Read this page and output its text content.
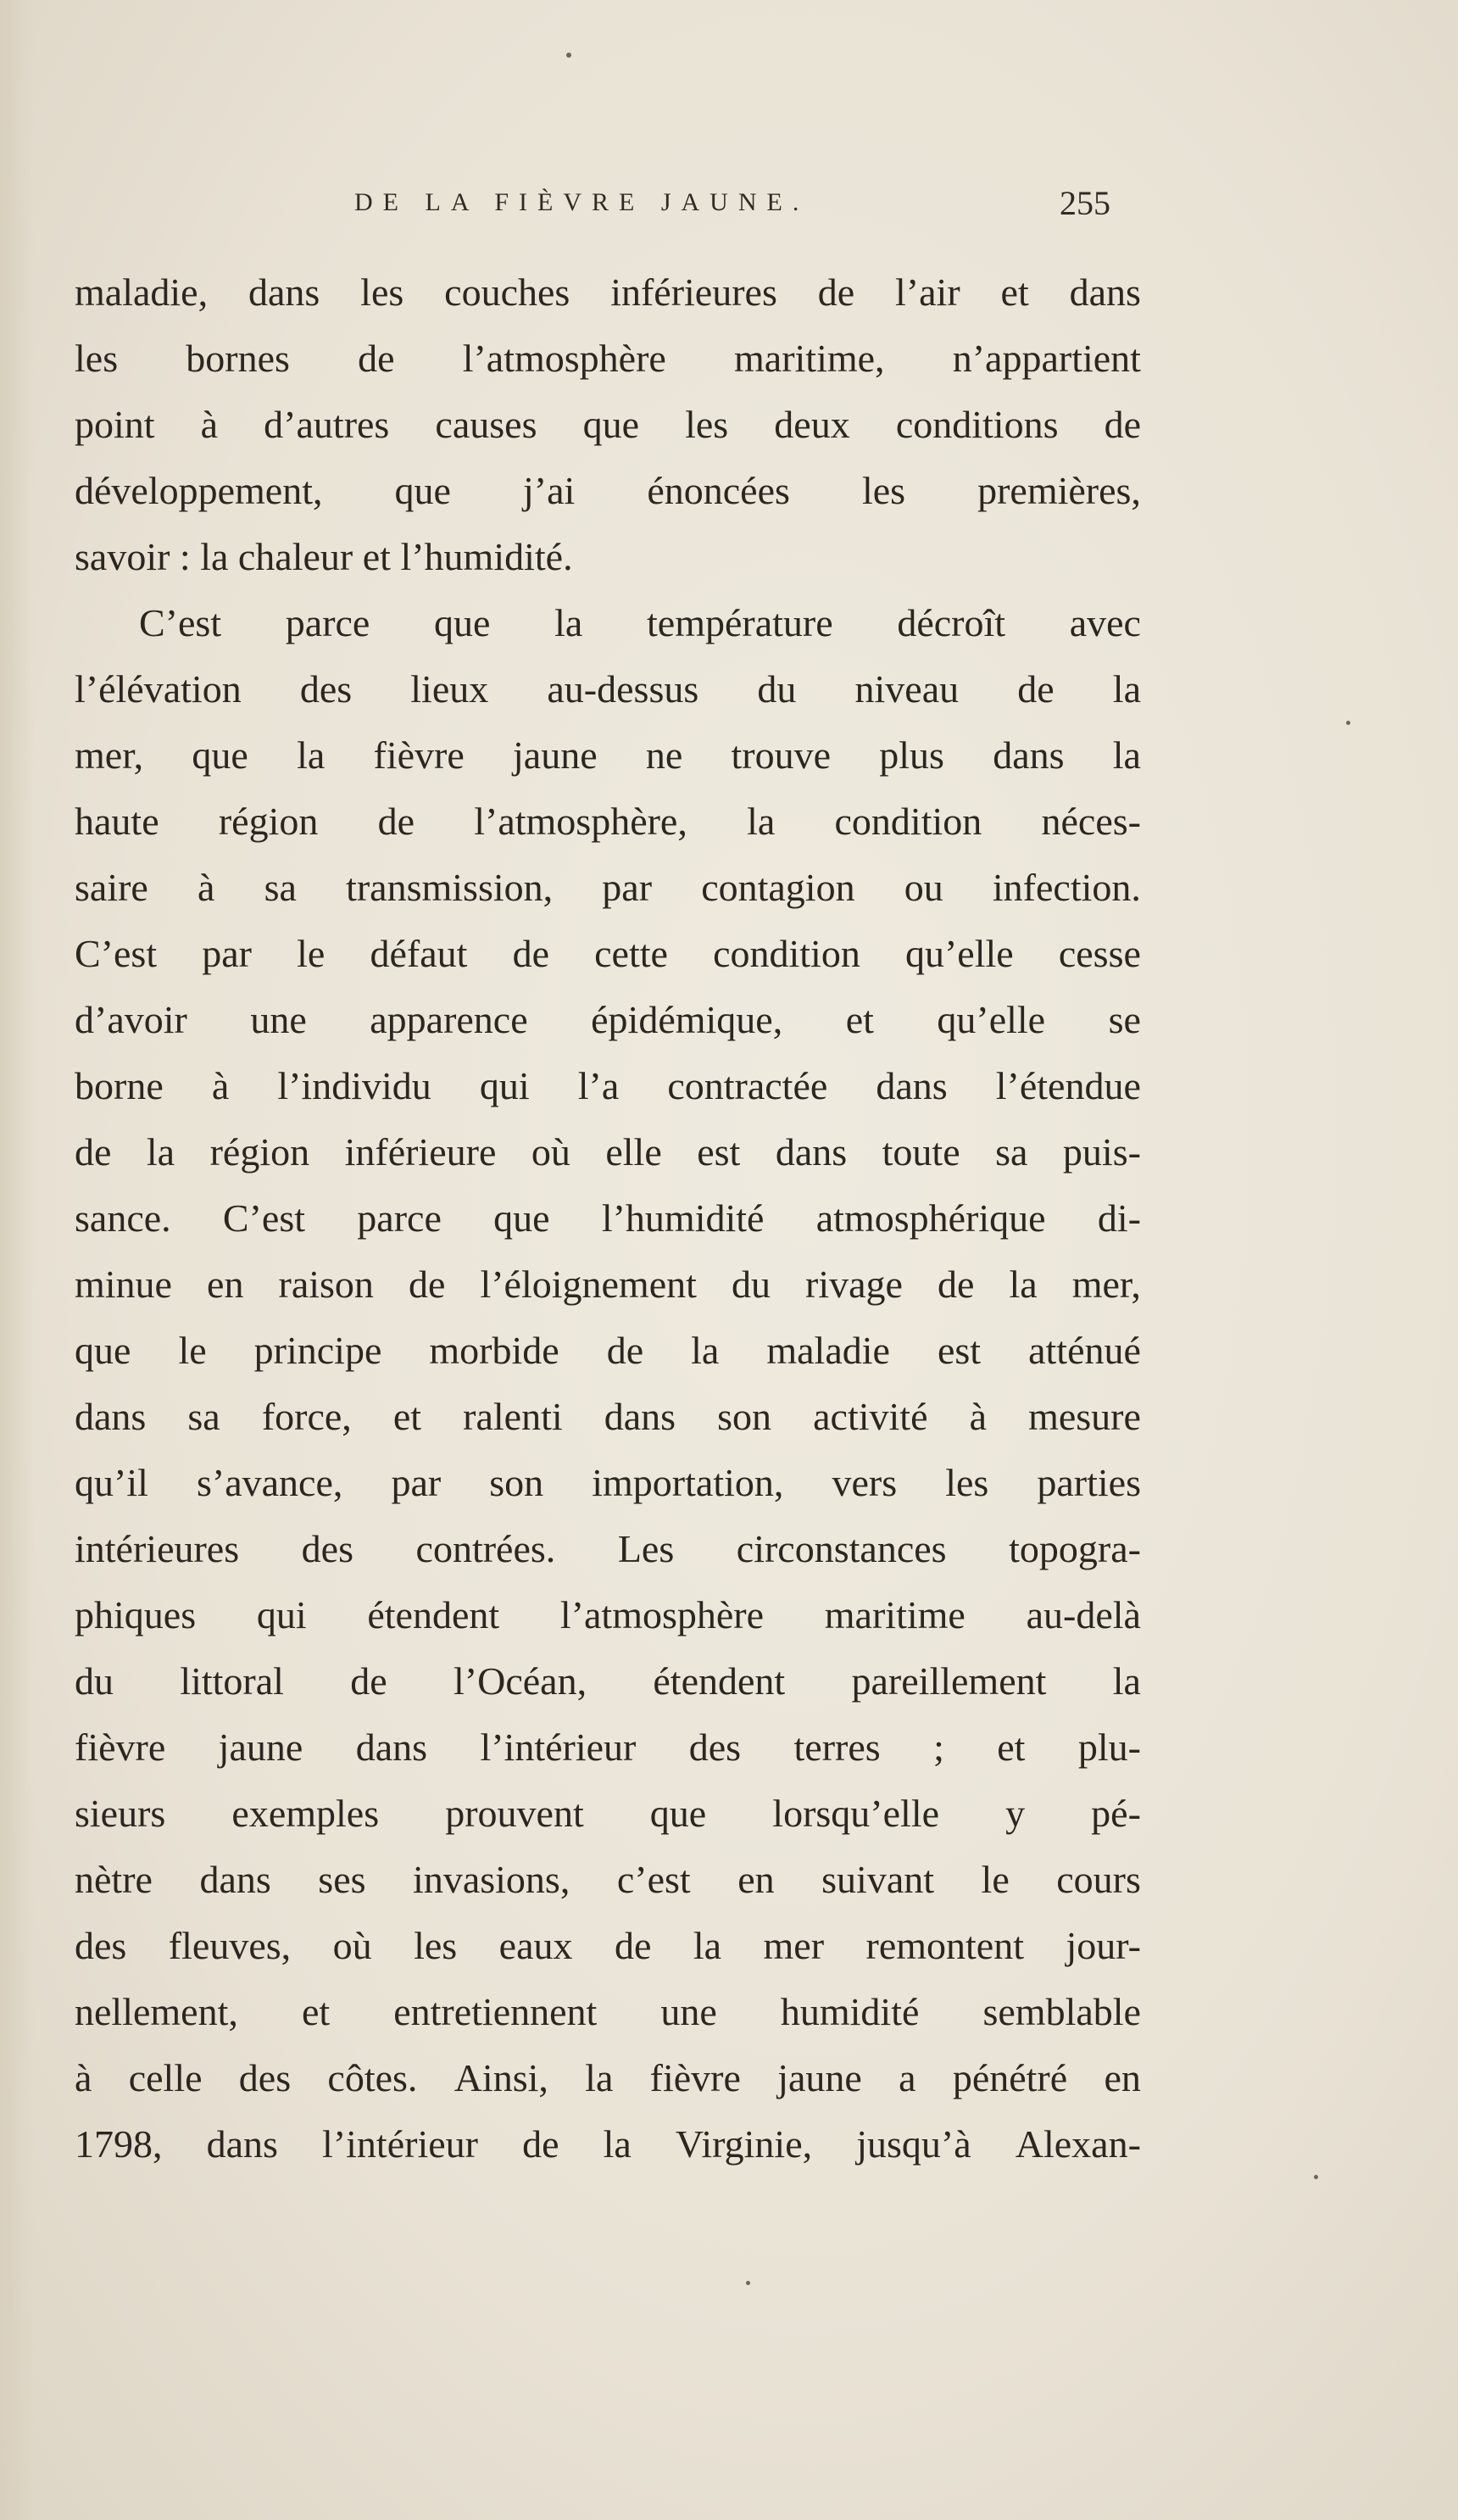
DE LA FIÈVRE JAUNE.	255
maladie, dans les couches inférieures de l’air et dans
les bornes de l’atmosphère maritime, n’appartient
point à d’autres causes que les deux conditions de
développement, que j’ai énoncées les premières,
savoir : la chaleur et l’humidité.
C’est parce que la température décroît avec
l’élévation des lieux au-dessus du niveau de la
mer, que la fièvre jaune ne trouve plus dans la
haute région de l’atmosphère, la condition néces-
saire à sa transmission, par contagion ou infection.
C’est par le défaut de cette condition qu’elle cesse
d’avoir une apparence épidémique, et qu’elle se
borne à l’individu qui l’a contractée dans l’étendue
de la région inférieure où elle est dans toute sa puis-
sance. C’est parce que l’humidité atmosphérique di-
minue en raison de l’éloignement du rivage de la mer,
que le principe morbide de la maladie est atténué
dans sa force, et ralenti dans son activité à mesure
qu’il s’avance, par son importation, vers les parties
intérieures des contrées. Les circonstances topogra-
phiques qui étendent l’atmosphère maritime au-delà
du littoral de l’Océan, étendent pareillement la
fièvre jaune dans l’intérieur des terres ; et plu-
sieurs exemples prouvent que lorsqu’elle y pé-
nètre dans ses invasions, c’est en suivant le cours
des fleuves, où les eaux de la mer remontent jour-
nellement, et entretiennent une humidité semblable
à celle des côtes. Ainsi, la fièvre jaune a pénétré en
1798, dans l’intérieur de la Virginie, jusqu’à Alexan-
